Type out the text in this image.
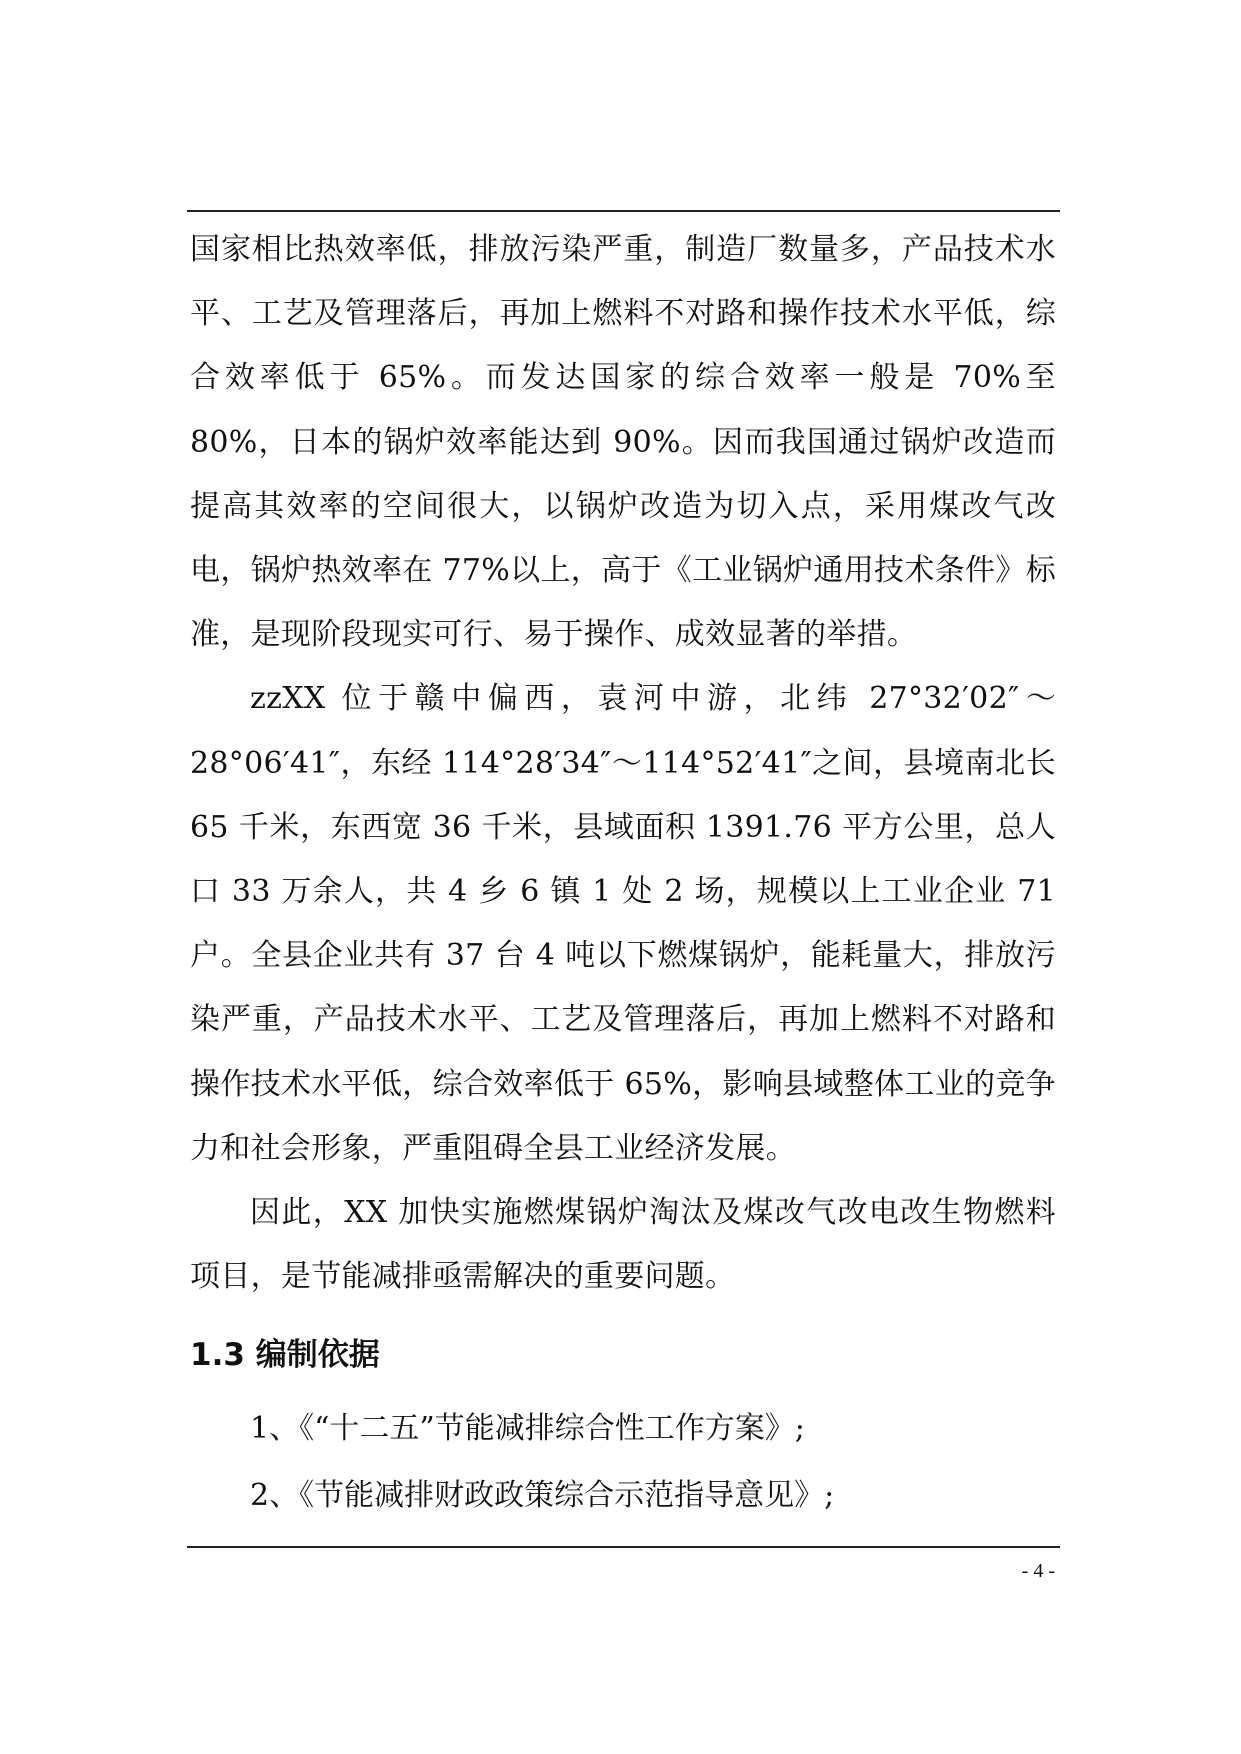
国家相比热效率低，排放污染严重，制造厂数量多，产品技术水平、工艺及管理落后，再加上燃料不对路和操作技术水平低，综合效率低于 65%。而发达国家的综合效率一般是 70%至 80%，日本的锅炉效率能达到 90%。因而我国通过锅炉改造而提高其效率的空间很大，以锅炉改造为切入点，采用煤改气改电，锅炉热效率在 77%以上，高于《工业锅炉通用技术条件》标准，是现阶段现实可行、易于操作、成效显著的举措。

zzXX 位于赣中偏西，袁河中游，北纬 27°32′02″～28°06′41″，东经 114°28′34″～114°52′41″之间，县境南北长 65 千米，东西宽 36 千米，县域面积 1391.76 平方公里，总人口 33 万余人，共 4 乡 6 镇 1 处 2 场，规模以上工业企业 71 户。全县企业共有 37 台 4 吨以下燃煤锅炉，能耗量大，排放污染严重，产品技术水平、工艺及管理落后，再加上燃料不对路和操作技术水平低，综合效率低于 65%，影响县域整体工业的竞争力和社会形象，严重阻碍全县工业经济发展。

因此，XX 加快实施燃煤锅炉淘汰及煤改气改电改生物燃料项目，是节能减排亟需解决的重要问题。

1.3 编制依据

1、《“十二五”节能减排综合性工作方案》;

2、《节能减排财政政策综合示范指导意见》;

- 4 -
